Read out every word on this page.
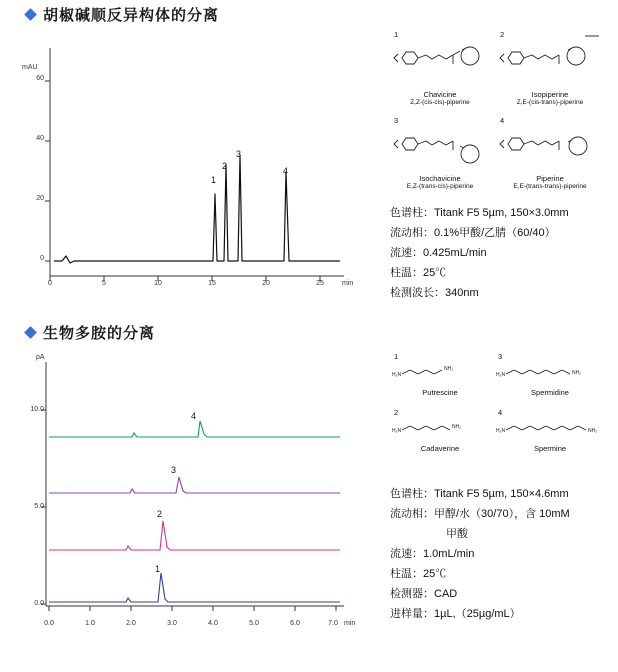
胡椒碱顺反异构体的分离
mAU
min
60
40
20
0
0	5	10	15	20	25
1
2
3
4
1	2
3	4
Chavicine
Z,Z-(cis-cis)-piperine
Isopiperine
Z,E-(cis-trans)-piperine
Isochavicine
E,Z-(trans-cis)-piperine
Piperine
E,E-(trans-trans)-piperine
色谱柱：Titank F5 5µm, 150×3.0mm
流动相：0.1%甲酸/乙腈（60/40）
流速：0.425mL/min
柱温：25℃
检测波长：340nm
生物多胺的分离
pA
min
10.0
5.0
0.0
0.0	1.0	2.0	3.0	4.0	5.0	6.0	7.0
4
3
2
1
1	3
2	4
H₂N
NH₂
H₂N	NH₂
H₂N
NH₂
H₂N	NH₂
Putrescine	Spermidine
Cadaverine	Spermine
色谱柱：Titank F5 5µm, 150×4.6mm
流动相：甲醇/水（30/70），含 10mM
甲酸
流速：1.0mL/min
柱温：25℃
检测器：CAD
进样量：1µL,（25µg/mL）
